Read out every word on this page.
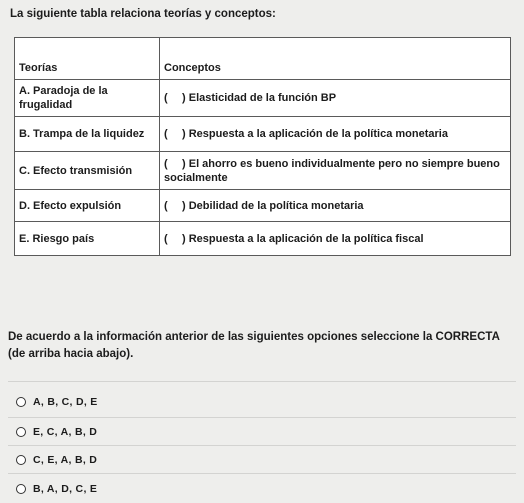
La siguiente tabla relaciona teorías y conceptos:
Teorías	Conceptos
A. Paradoja de la frugalidad	( ) Elasticidad de la función BP
B. Trampa de la liquidez	( ) Respuesta a la aplicación de la política monetaria
C. Efecto transmisión	( ) El ahorro es bueno individualmente pero no siempre bueno socialmente
D. Efecto expulsión	( ) Debilidad de la política monetaria
E. Riesgo país	( ) Respuesta a la aplicación de la política fiscal
De acuerdo a la información anterior de las siguientes opciones seleccione la CORRECTA (de arriba hacia abajo).
A, B, C, D, E
E, C, A, B, D
C, E, A, B, D
B, A, D, C, E
